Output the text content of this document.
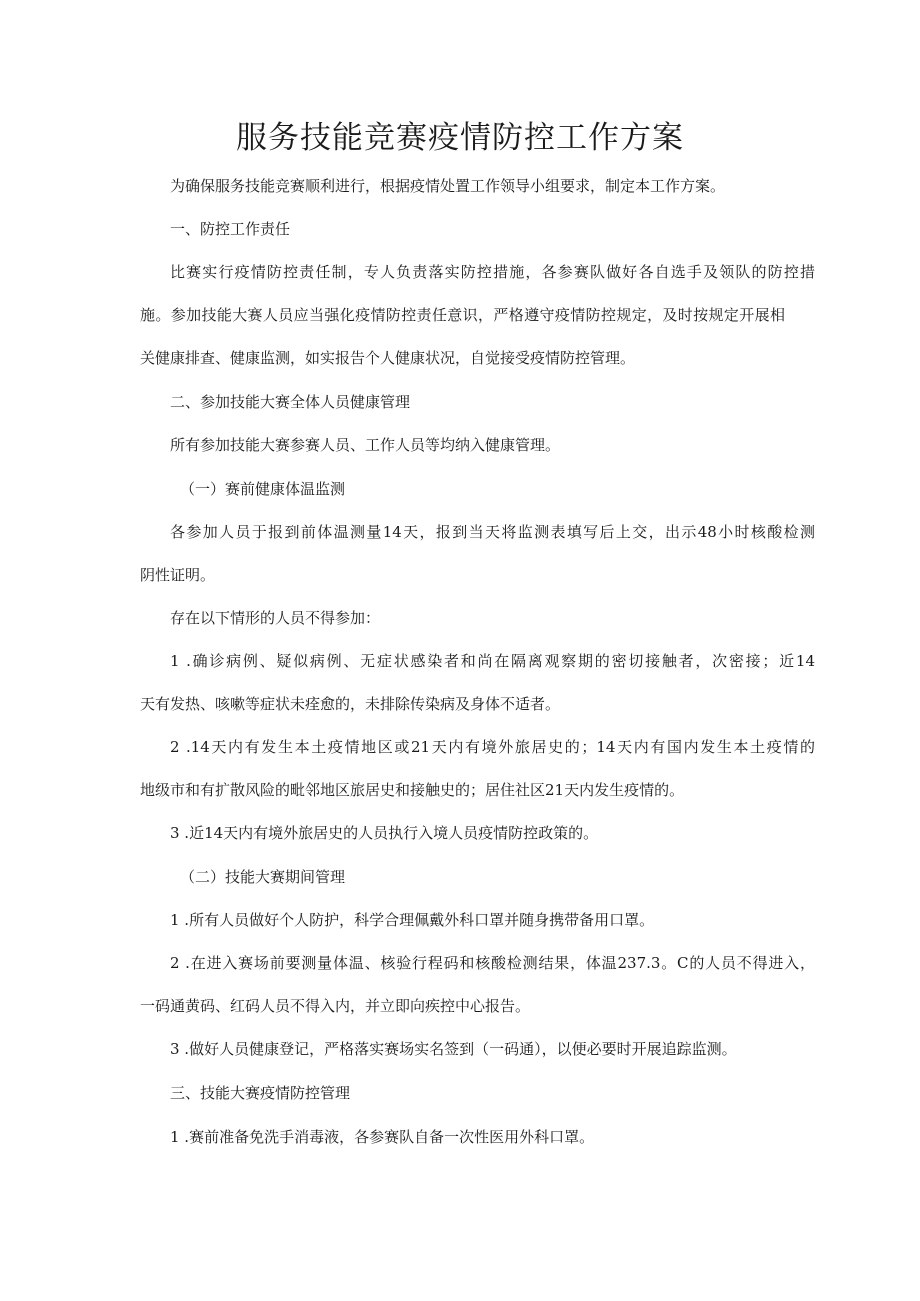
服务技能竞赛疫情防控工作方案

为确保服务技能竞赛顺利进行，根据疫情处置工作领导小组要求，制定本工作方案。

一、防控工作责任

比赛实行疫情防控责任制，专人负责落实防控措施，各参赛队做好各自选手及领队的防控措

施。参加技能大赛人员应当强化疫情防控责任意识，严格遵守疫情防控规定，及时按规定开展相

关健康排查、健康监测，如实报告个人健康状况，自觉接受疫情防控管理。

二、参加技能大赛全体人员健康管理

所有参加技能大赛参赛人员、工作人员等均纳入健康管理。

（一）赛前健康体温监测

各参加人员于报到前体温测量14天，报到当天将监测表填写后上交，出示48小时核酸检测

阴性证明。

存在以下情形的人员不得参加：

1 .确诊病例、疑似病例、无症状感染者和尚在隔离观察期的密切接触者，次密接；近14

天有发热、咳嗽等症状未痊愈的，未排除传染病及身体不适者。

2 .14天内有发生本土疫情地区或21天内有境外旅居史的；14天内有国内发生本土疫情的

地级市和有扩散风险的毗邻地区旅居史和接触史的；居住社区21天内发生疫情的。

3 .近14天内有境外旅居史的人员执行入境人员疫情防控政策的。

（二）技能大赛期间管理

1 .所有人员做好个人防护，科学合理佩戴外科口罩并随身携带备用口罩。

2 .在进入赛场前要测量体温、核验行程码和核酸检测结果，体温237.3。C的人员不得进入，

一码通黄码、红码人员不得入内，并立即向疾控中心报告。

3 .做好人员健康登记，严格落实赛场实名签到（一码通），以便必要时开展追踪监测。

三、技能大赛疫情防控管理

1 .赛前准备免洗手消毒液，各参赛队自备一次性医用外科口罩。
